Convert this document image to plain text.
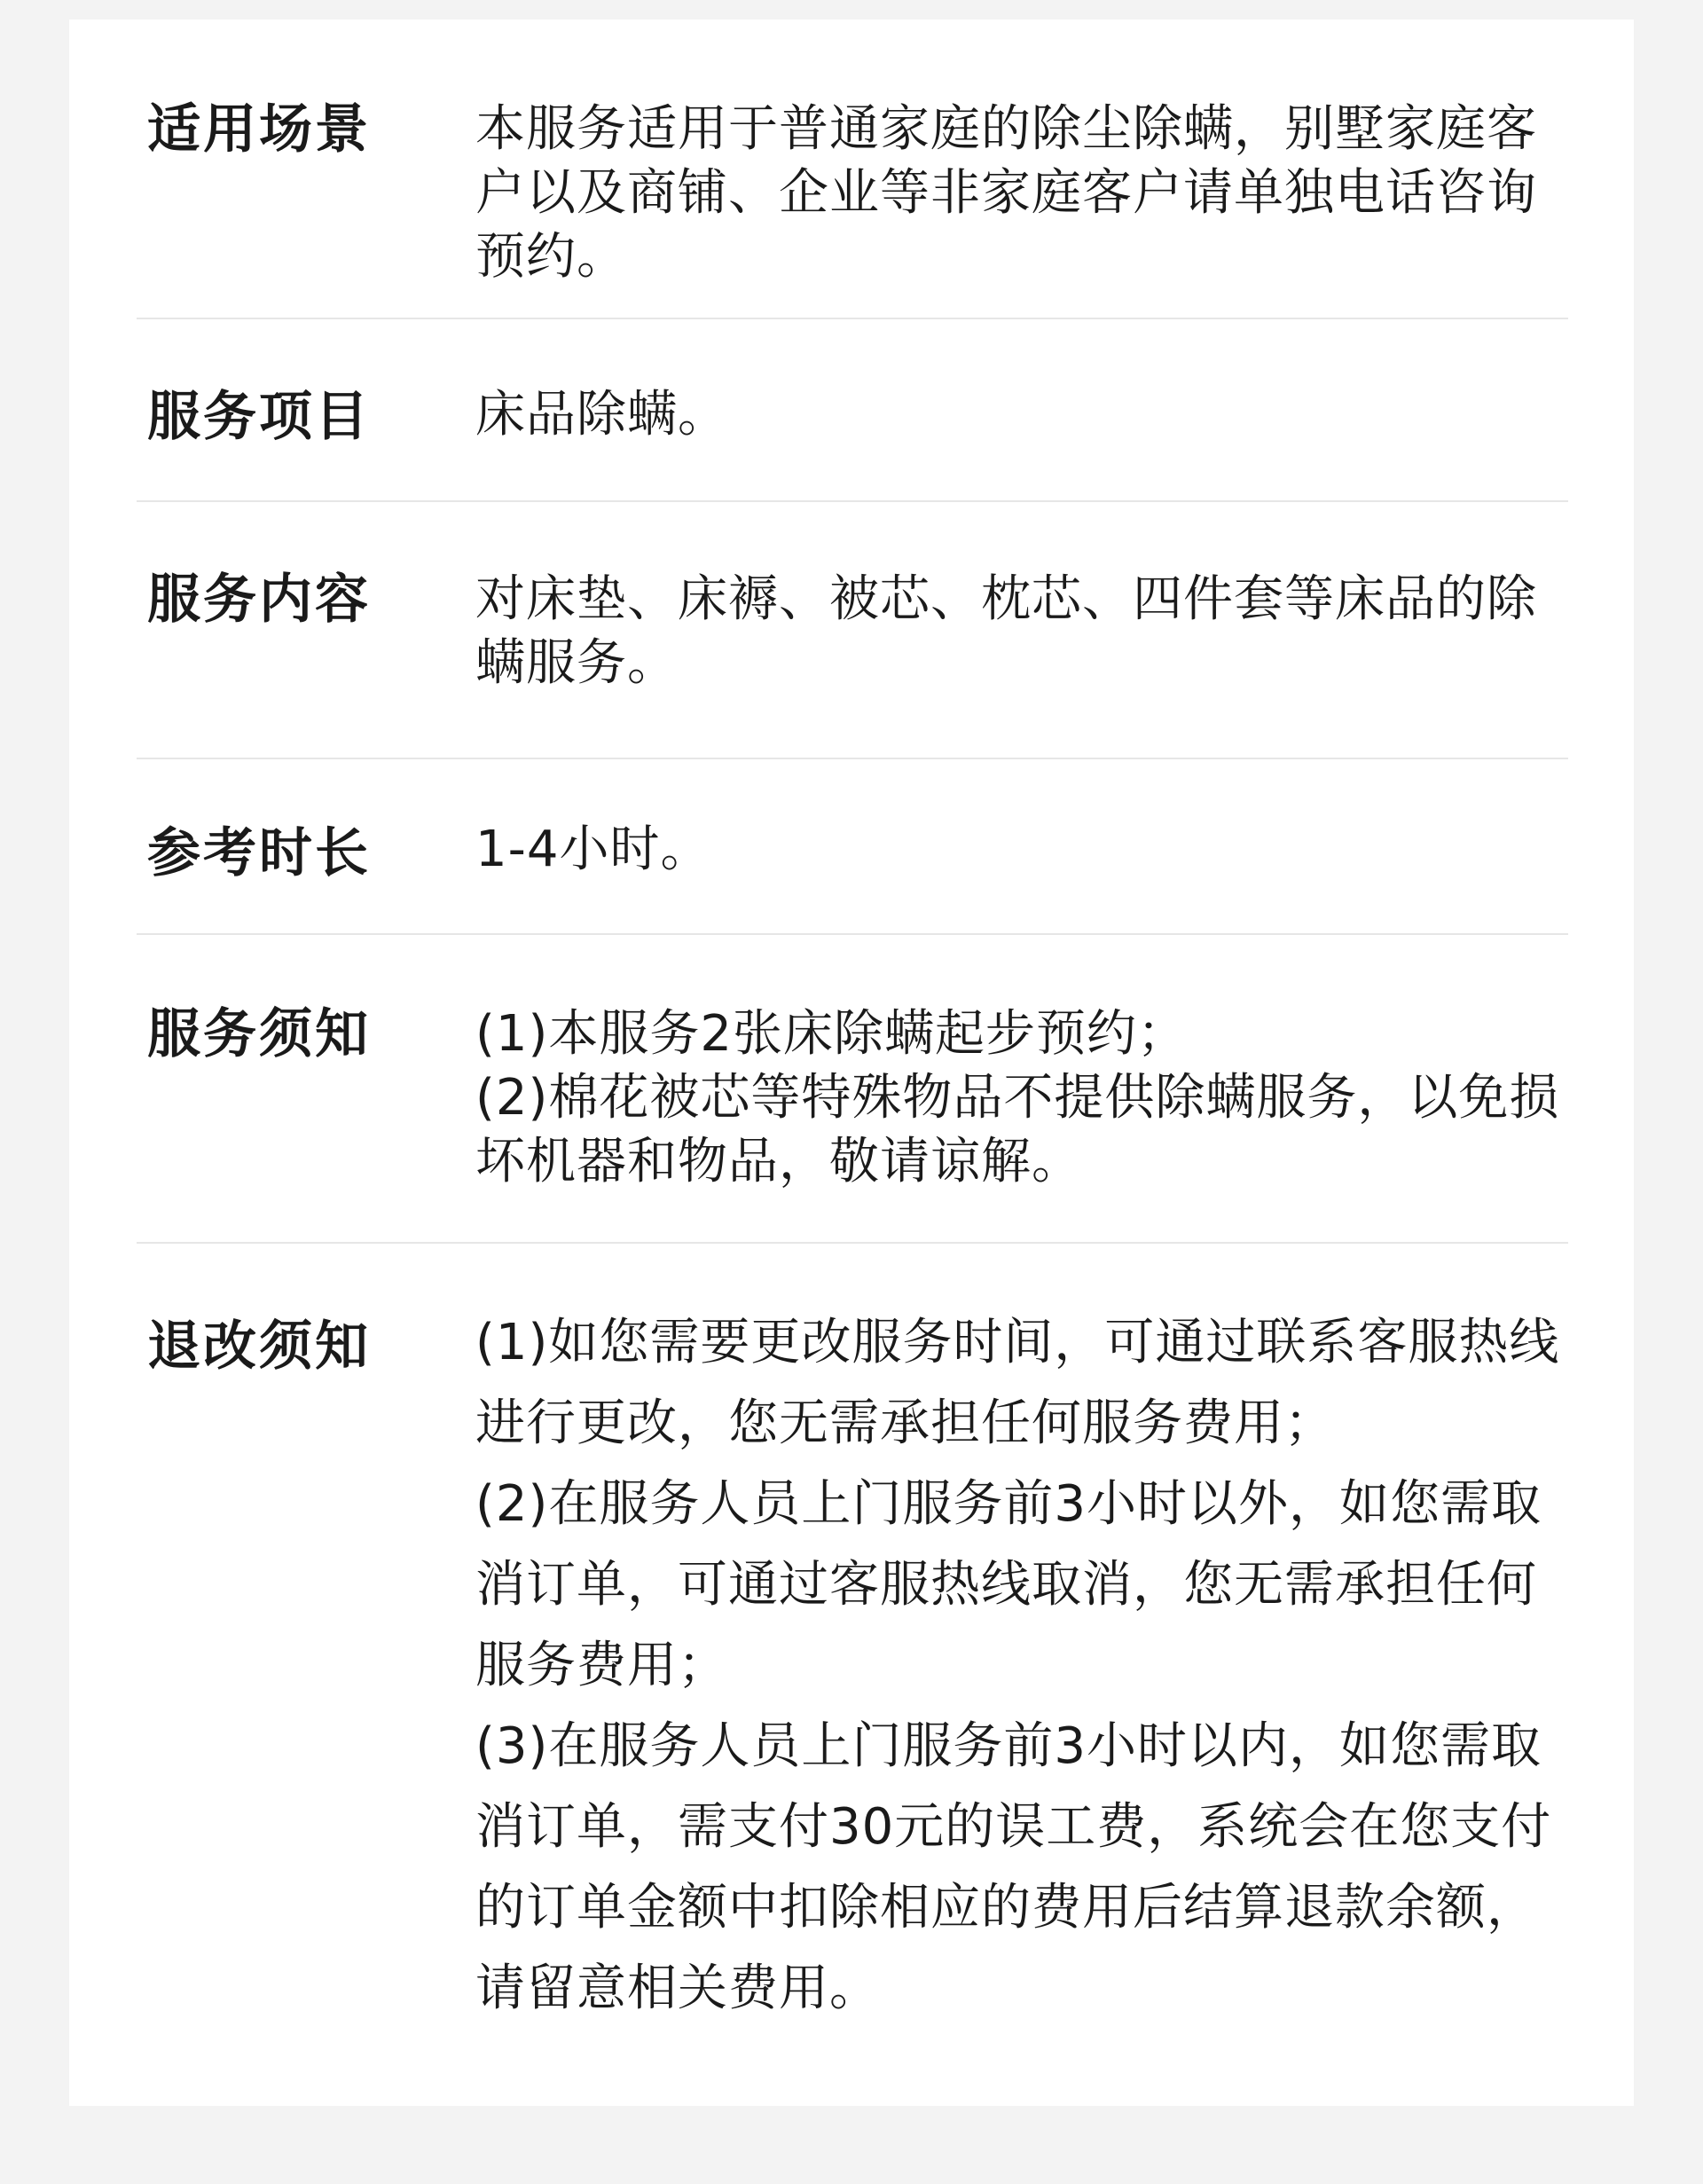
适用场景 本服务适用于普通家庭的除尘除螨，别墅家庭客户以及商铺、企业等非家庭客户请单独电话咨询预约。

服务项目 床品除螨。

服务内容 对床垫、床褥、被芯、枕芯、四件套等床品的除螨服务。

参考时长 1-4小时。

服务须知 (1)本服务2张床除螨起步预约；

(2)棉花被芯等特殊物品不提供除螨服务，以免损坏机器和物品，敬请谅解。

退改须知 (1)如您需要更改服务时间，可通过联系客服热线进行更改，您无需承担任何服务费用；

(2)在服务人员上门服务前3小时以外，如您需取消订单，可通过客服热线取消，您无需承担任何服务费用；

(3)在服务人员上门服务前3小时以内，如您需取消订单，需支付30元的误工费，系统会在您支付的订单金额中扣除相应的费用后结算退款余额，请留意相关费用。
